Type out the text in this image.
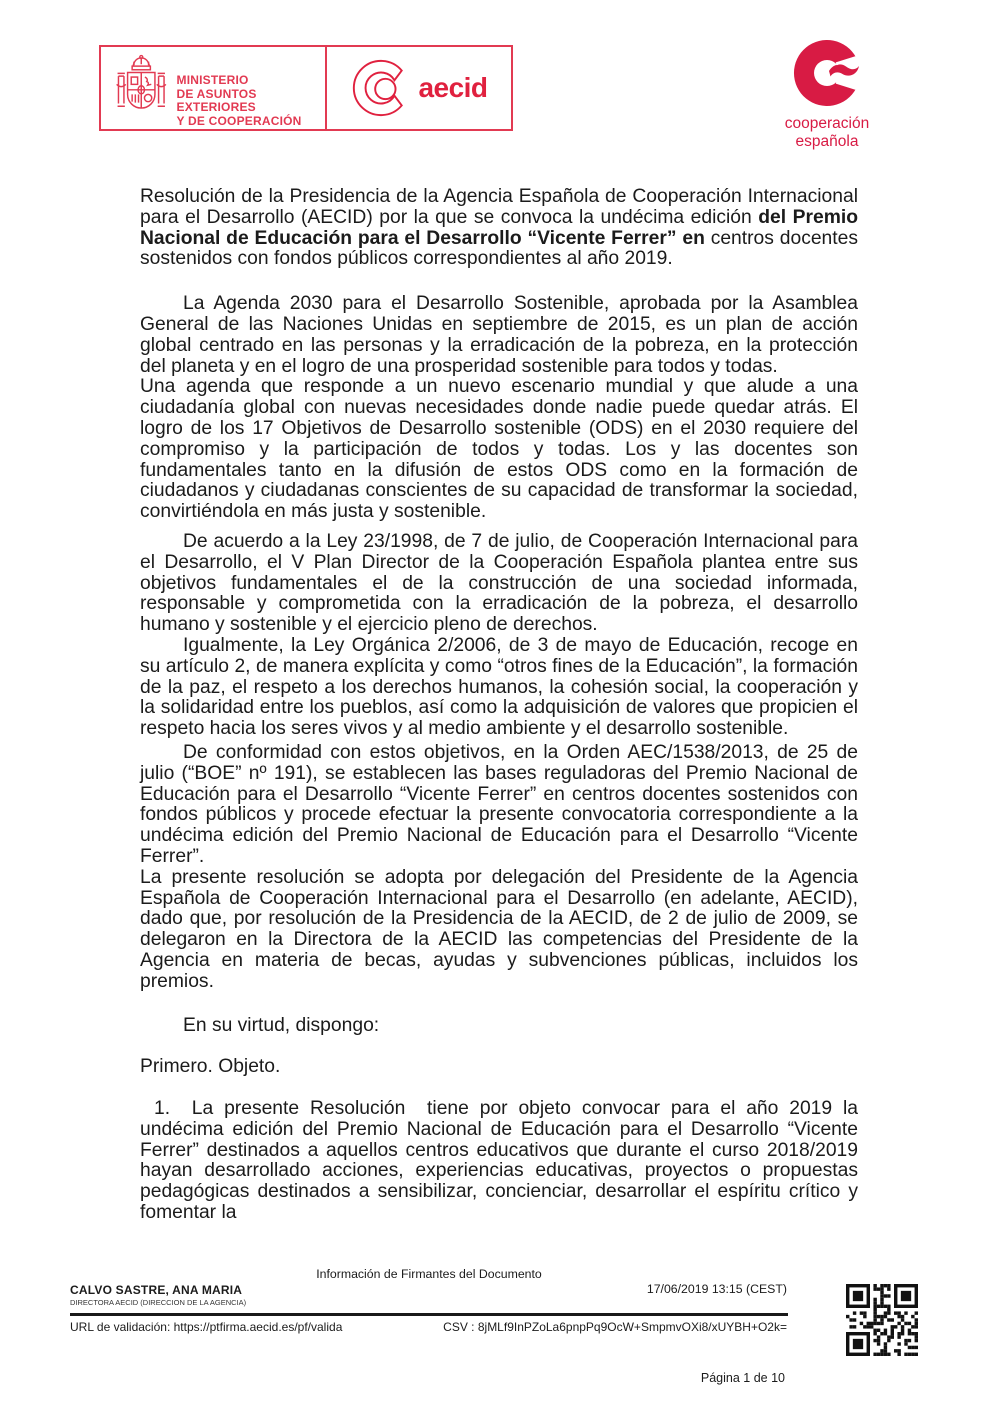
MINISTERIO
DE ASUNTOS EXTERIORES
Y DE COOPERACIÓN
aecid
cooperación
española

Resolución de la Presidencia de la Agencia Española de Cooperación Internacional para el Desarrollo (AECID) por la que se convoca la undécima edición del Premio Nacional de Educación para el Desarrollo “Vicente Ferrer” en centros docentes sostenidos con fondos públicos correspondientes al año 2019.

La Agenda 2030 para el Desarrollo Sostenible, aprobada por la Asamblea General de las Naciones Unidas en septiembre de 2015, es un plan de acción global centrado en las personas y la erradicación de la pobreza, en la protección del planeta y en el logro de una prosperidad sostenible para todos y todas.

Una agenda que responde a un nuevo escenario mundial y que alude a una ciudadanía global con nuevas necesidades donde nadie puede quedar atrás. El logro de los 17 Objetivos de Desarrollo sostenible (ODS) en el 2030 requiere del compromiso y la participación de todos y todas. Los y las docentes son fundamentales tanto en la difusión de estos ODS como en la formación de ciudadanos y ciudadanas conscientes de su capacidad de transformar la sociedad, convirtiéndola en más justa y sostenible.

De acuerdo a la Ley 23/1998, de 7 de julio, de Cooperación Internacional para el Desarrollo, el V Plan Director de la Cooperación Española plantea entre sus objetivos fundamentales el de la construcción de una sociedad informada, responsable y comprometida con la erradicación de la pobreza, el desarrollo humano y sostenible y el ejercicio pleno de derechos.

Igualmente, la Ley Orgánica 2/2006, de 3 de mayo de Educación, recoge en su artículo 2, de manera explícita y como “otros fines de la Educación”, la formación de la paz, el respeto a los derechos humanos, la cohesión social, la cooperación y la solidaridad entre los pueblos, así como la adquisición de valores que propicien el respeto hacia los seres vivos y al medio ambiente y el desarrollo sostenible.

De conformidad con estos objetivos, en la Orden AEC/1538/2013, de 25 de julio (“BOE” nº 191), se establecen las bases reguladoras del Premio Nacional de Educación para el Desarrollo “Vicente Ferrer” en centros docentes sostenidos con fondos públicos y procede efectuar la presente convocatoria correspondiente a la undécima edición del Premio Nacional de Educación para el Desarrollo “Vicente Ferrer”.

La presente resolución se adopta por delegación del Presidente de la Agencia Española de Cooperación Internacional para el Desarrollo (en adelante, AECID), dado que, por resolución de la Presidencia de la AECID, de 2 de julio de 2009, se delegaron en la Directora de la AECID las competencias del Presidente de la Agencia en materia de becas, ayudas y subvenciones públicas, incluidos los premios.

En su virtud, dispongo:

Primero. Objeto.

1.  La presente Resolución  tiene por objeto convocar para el año 2019 la undécima edición del Premio Nacional de Educación para el Desarrollo “Vicente Ferrer” destinados a aquellos centros educativos que durante el curso 2018/2019 hayan desarrollado acciones, experiencias educativas, proyectos o propuestas pedagógicas destinados a sensibilizar, concienciar, desarrollar el espíritu crítico y fomentar la

Información de Firmantes del Documento
CALVO SASTRE, ANA MARIA
DIRECTORA AECID (DIRECCION DE LA AGENCIA)
17/06/2019 13:15 (CEST)
URL de validación: https://ptfirma.aecid.es/pf/valida	CSV : 8jMLf9InPZoLa6pnpPq9OcW+SmpmvOXi8/xUYBH+O2k=
Página 1 de 10
